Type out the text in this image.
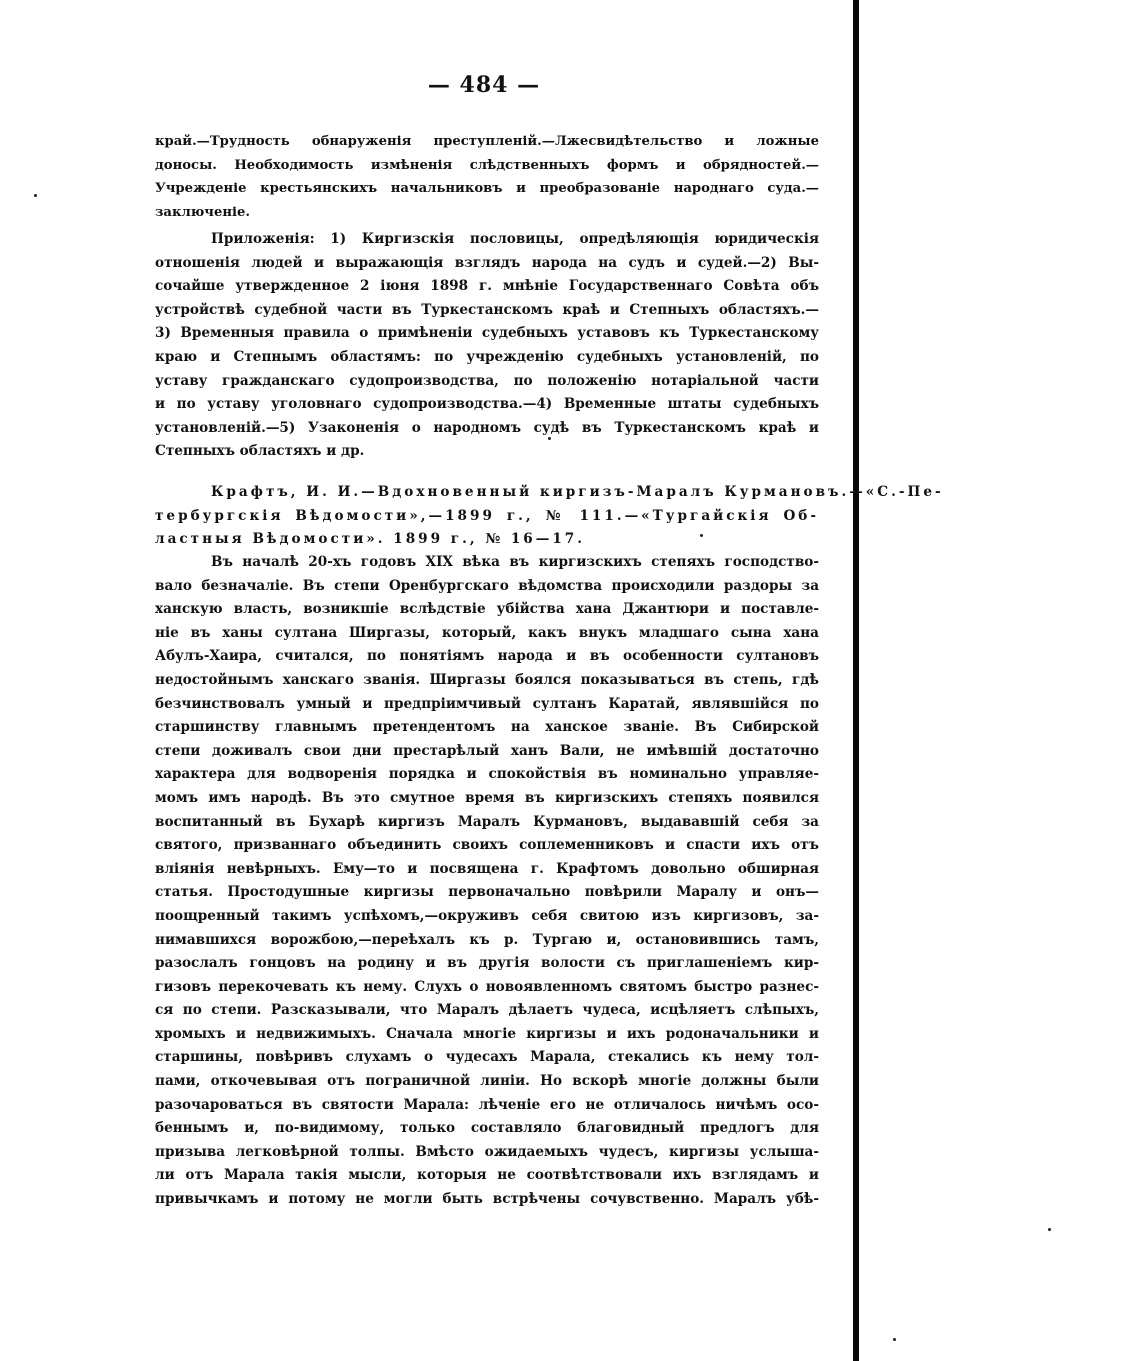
— 484 —
край.—Трудность обнаруженія преступленій.—Лжесвидѣтельство и ложные
доносы. Необходимость измѣненія слѣдственныхъ формъ и обрядностей.—
Учрежденіе крестьянскихъ начальниковъ и преобразованіе народнаго суда.—
заключеніе.
Приложенія: 1) Киргизскія пословицы, опредѣляющія юридическія
отношенія людей и выражающія взглядъ народа на судъ и судей.—2) Вы-
сочайше утвержденное 2 іюня 1898 г. мнѣніе Государственнаго Совѣта объ
устройствѣ судебной части въ Туркестанскомъ краѣ и Степныхъ областяхъ.—
3) Временныя правила о примѣненіи судебныхъ уставовъ къ Туркестанскому
краю и Степнымъ областямъ: по учрежденію судебныхъ установленій, по
уставу гражданскаго судопроизводства, по положенію нотаріальной части
и по уставу уголовнаго судопроизводства.—4) Временные штаты судебныхъ
установленій.—5) Узаконенія о народномъ судѣ въ Туркестанскомъ краѣ и
Степныхъ областяхъ и др.
Крафтъ, И. И.—Вдохновенный киргизъ-Маралъ Курмановъ.—«С.-Пе-
тербургскія Вѣдомости»,—1899 г., № 111.—«Тургайскія Об-
ластныя Вѣдомости». 1899 г., № 16—17.
Въ началѣ 20-хъ годовъ XIX вѣка въ киргизскихъ степяхъ господство-
вало безначаліе. Въ степи Оренбургскаго вѣдомства происходили раздоры за
ханскую власть, возникшіе вслѣдствіе убійства хана Джантюри и поставле-
ніе въ ханы султана Ширгазы, который, какъ внукъ младшаго сына хана
Абулъ-Хаира, считался, по понятіямъ народа и въ особенности султановъ
недостойнымъ ханскаго званія. Ширгазы боялся показываться въ степь, гдѣ
безчинствовалъ умный и предпріимчивый султанъ Каратай, являвшійся по
старшинству главнымъ претендентомъ на ханское званіе. Въ Сибирской
степи доживалъ свои дни престарѣлый ханъ Вали, не имѣвшій достаточно
характера для водворенія порядка и спокойствія въ номинально управляе-
момъ имъ народѣ. Въ это смутное время въ киргизскихъ степяхъ появился
воспитанный въ Бухарѣ киргизъ Маралъ Курмановъ, выдававшій себя за
святого, призваннаго объединить своихъ соплеменниковъ и спасти ихъ отъ
вліянія невѣрныхъ. Ему—то и посвящена г. Крафтомъ довольно обширная
статья. Простодушные киргизы первоначально повѣрили Маралу и онъ—
поощренный такимъ успѣхомъ,—окруживъ себя свитою изъ киргизовъ, за-
нимавшихся ворожбою,—переѣхалъ къ р. Тургаю и, остановившись тамъ,
разослалъ гонцовъ на родину и въ другія волости съ приглашеніемъ кир-
гизовъ перекочевать къ нему. Слухъ о новоявленномъ святомъ быстро разнес-
ся по степи. Разсказывали, что Маралъ дѣлаетъ чудеса, исцѣляетъ слѣпыхъ,
хромыхъ и недвижимыхъ. Сначала многіе киргизы и ихъ родоначальники и
старшины, повѣривъ слухамъ о чудесахъ Марала, стекались къ нему тол-
пами, откочевывая отъ пограничной линіи. Но вскорѣ многіе должны были
разочароваться въ святости Марала: лѣченіе его не отличалось ничѣмъ осо-
беннымъ и, по-видимому, только составляло благовидный предлогъ для
призыва легковѣрной толпы. Вмѣсто ожидаемыхъ чудесъ, киргизы услыша-
ли отъ Марала такія мысли, которыя не соотвѣтствовали ихъ взглядамъ и
привычкамъ и потому не могли быть встрѣчены сочувственно. Маралъ убѣ-
